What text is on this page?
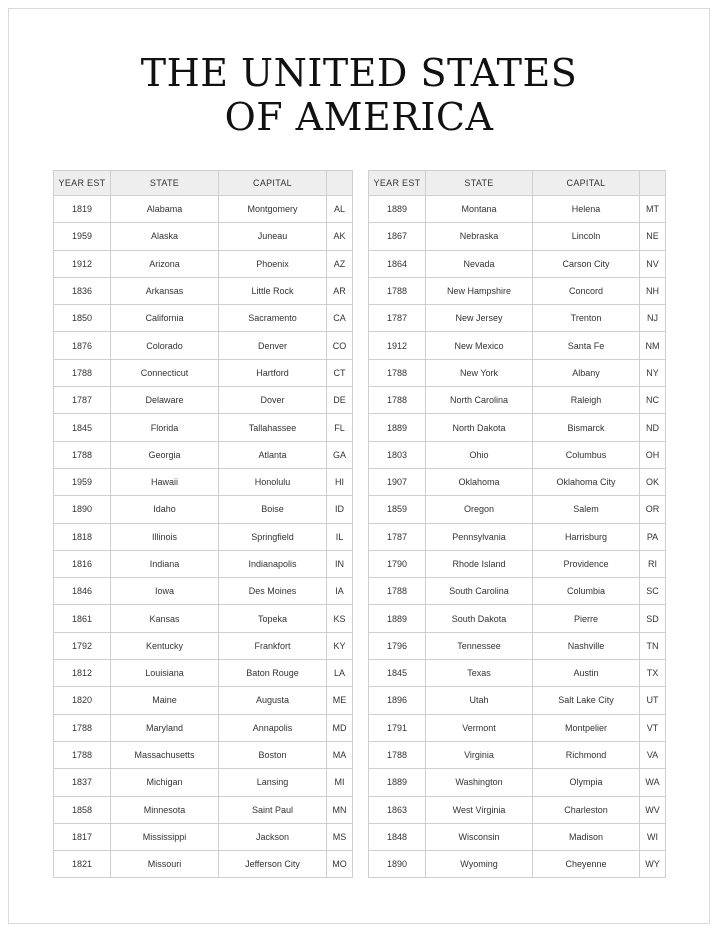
THE UNITED STATES
OF AMERICA
YEAR EST	STATE	CAPITAL	
1819	Alabama	Montgomery	AL
1959	Alaska	Juneau	AK
1912	Arizona	Phoenix	AZ
1836	Arkansas	Little Rock	AR
1850	California	Sacramento	CA
1876	Colorado	Denver	CO
1788	Connecticut	Hartford	CT
1787	Delaware	Dover	DE
1845	Florida	Tallahassee	FL
1788	Georgia	Atlanta	GA
1959	Hawaii	Honolulu	HI
1890	Idaho	Boise	ID
1818	Illinois	Springfield	IL
1816	Indiana	Indianapolis	IN
1846	Iowa	Des Moines	IA
1861	Kansas	Topeka	KS
1792	Kentucky	Frankfort	KY
1812	Louisiana	Baton Rouge	LA
1820	Maine	Augusta	ME
1788	Maryland	Annapolis	MD
1788	Massachusetts	Boston	MA
1837	Michigan	Lansing	MI
1858	Minnesota	Saint Paul	MN
1817	Mississippi	Jackson	MS
1821	Missouri	Jefferson City	MO
YEAR EST	STATE	CAPITAL	
1889	Montana	Helena	MT
1867	Nebraska	Lincoln	NE
1864	Nevada	Carson City	NV
1788	New Hampshire	Concord	NH
1787	New Jersey	Trenton	NJ
1912	New Mexico	Santa Fe	NM
1788	New York	Albany	NY
1788	North Carolina	Raleigh	NC
1889	North Dakota	Bismarck	ND
1803	Ohio	Columbus	OH
1907	Oklahoma	Oklahoma City	OK
1859	Oregon	Salem	OR
1787	Pennsylvania	Harrisburg	PA
1790	Rhode Island	Providence	RI
1788	South Carolina	Columbia	SC
1889	South Dakota	Pierre	SD
1796	Tennessee	Nashville	TN
1845	Texas	Austin	TX
1896	Utah	Salt Lake City	UT
1791	Vermont	Montpelier	VT
1788	Virginia	Richmond	VA
1889	Washington	Olympia	WA
1863	West Virginia	Charleston	WV
1848	Wisconsin	Madison	WI
1890	Wyoming	Cheyenne	WY
